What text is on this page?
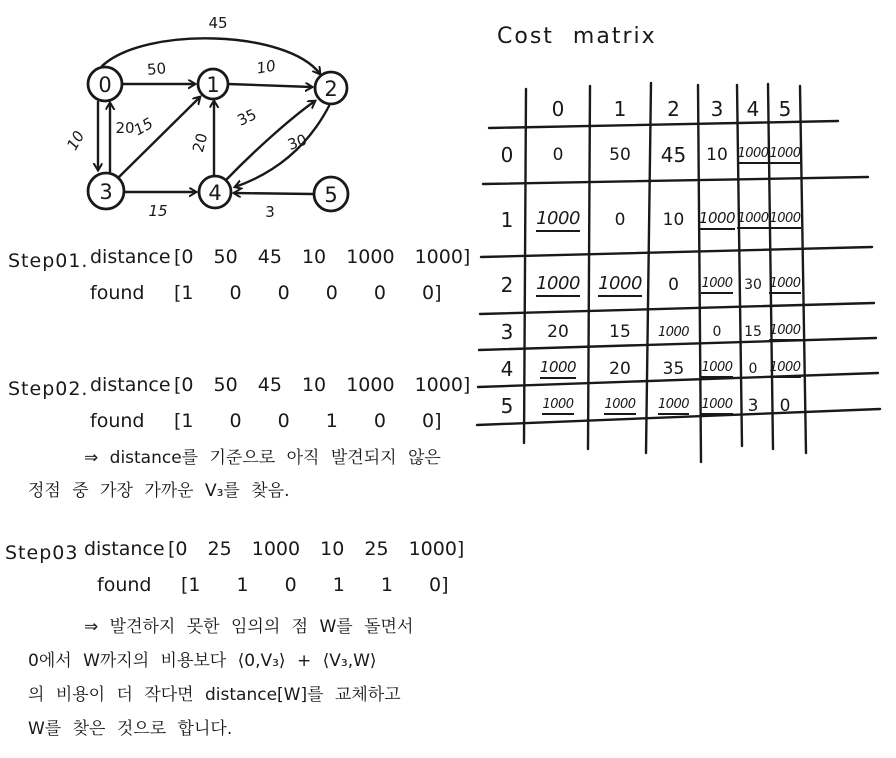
0	1	2
3	4	5
50	10
45
10 20
15
20
35
30
15	3
Cost matrix
0 1 2 3 4 5
0 0	50 45 10 1000 1000
1 1000 0 10 1000 1000 1000
2 1000 1000 0 1000 30 1000
3 20 15 1000 0 15 1000
4 1000 20 35 1000 0 1000
5 1000 1000 1000 1000 3 0
Step01. distance [0 50 45 10 1000 1000]
found	[1 0 0 0 0 0]
Step02. distance [0 50 45 10 1000 1000]
found	[1 0 0 1 0 0]
⇒ distance를 기준으로 아직 발견되지 않은
정점 중 가장 가까운 V₃를 찾음.
Step03 distance [0 25 1000 10 25 1000]
found	[1 1 0 1 1 0]
⇒ 발견하지 못한 임의의 점 W를 돌면서
0에서 W까지의 비용보다 ⟨0,V₃⟩ + ⟨V₃,W⟩
의 비용이 더 작다면 distance[W]를 교체하고
W를 찾은 것으로 합니다.
